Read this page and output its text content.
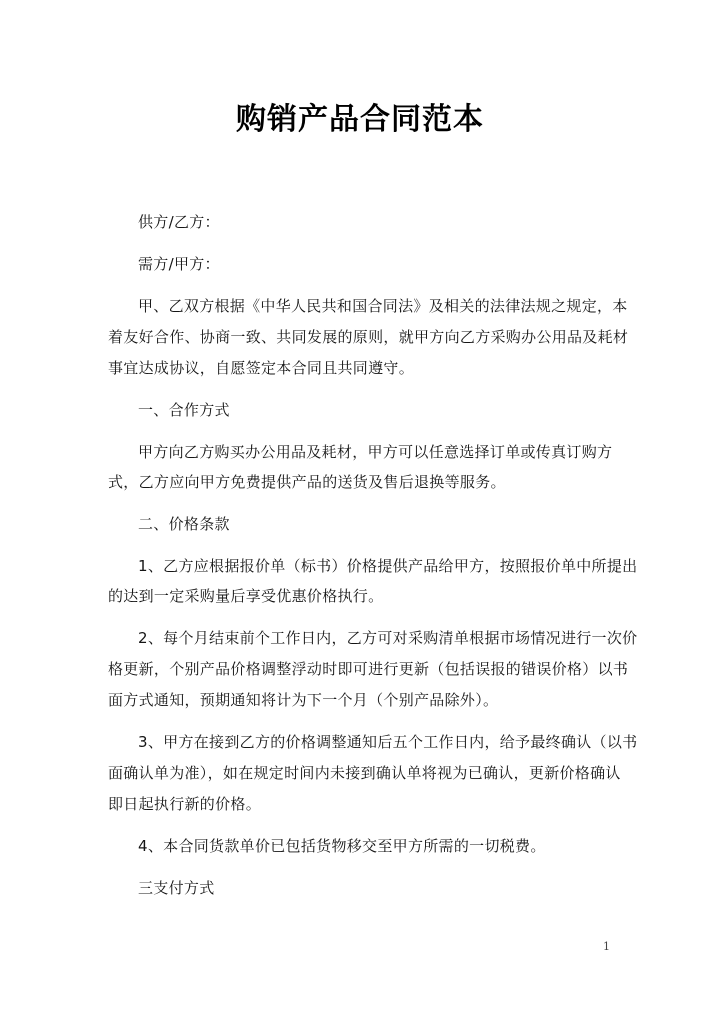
购销产品合同范本
供方/乙方：
需方/甲方：
甲、乙双方根据《中华人民共和国合同法》及相关的法律法规之规定，本
着友好合作、协商一致、共同发展的原则，就甲方向乙方采购办公用品及耗材
事宜达成协议，自愿签定本合同且共同遵守。
一、合作方式
甲方向乙方购买办公用品及耗材，甲方可以任意选择订单或传真订购方
式，乙方应向甲方免费提供产品的送货及售后退换等服务。
二、价格条款
1、乙方应根据报价单（标书）价格提供产品给甲方，按照报价单中所提出
的达到一定采购量后享受优惠价格执行。
2、每个月结束前个工作日内，乙方可对采购清单根据市场情况进行一次价
格更新，个别产品价格调整浮动时即可进行更新（包括误报的错误价格）以书
面方式通知，预期通知将计为下一个月（个别产品除外）。
3、甲方在接到乙方的价格调整通知后五个工作日内，给予最终确认（以书
面确认单为准），如在规定时间内未接到确认单将视为已确认，更新价格确认
即日起执行新的价格。
4、本合同货款单价已包括货物移交至甲方所需的一切税费。
三支付方式
1
